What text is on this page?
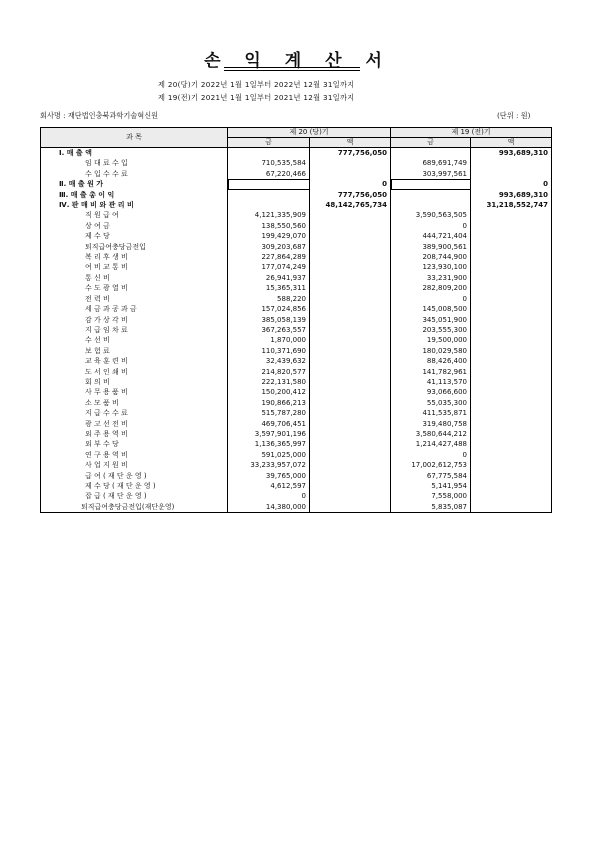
손 익 계 산 서
제 20(당)기 2022년 1월 1일부터 2022년 12월 31일까지
제 19(전)기 2021년 1월 1일부터 2021년 12월 31일까지
회사명 : 재단법인충북과학기술혁신원	(단위 : 원)
과 목	제 20 (당)기		제 19 (전)기	
	금	액	금	액
Ⅰ. 매 출 액		777,756,050		993,689,310
임 대 료 수 입	710,535,584		689,691,749	
수 입 수 수 료	67,220,466		303,997,561	
Ⅱ. 매 출 원 가		0		0
Ⅲ. 매 출 총 이 익		777,756,050		993,689,310
Ⅳ. 판 매 비 와 관 리 비		48,142,765,734		31,218,552,747
직 원 급 여	4,121,335,909		3,590,563,505	
상 여 금	138,550,560		0	
제 수 당	199,429,070		444,721,404	
퇴직급여충당금전입	309,203,687		389,900,561	
복 리 후 생 비	227,864,289		208,744,900	
여 비 교 통 비	177,074,249		123,930,100	
통 신 비	26,941,937		33,231,900	
수 도 광 열 비	15,365,311		282,809,200	
전 력 비	588,220		0	
세 금 과 공 과 금	157,024,856		145,008,500	
감 가 상 각 비	385,058,139		345,051,900	
지 급 임 차 료	367,263,557		203,555,300	
수 선 비	1,870,000		19,500,000	
보 험 료	110,371,690		180,029,580	
교 육 훈 련 비	32,439,632		88,426,400	
도 서 인 쇄 비	214,820,577		141,782,961	
회 의 비	222,131,580		41,113,570	
사 무 용 품 비	150,200,412		93,066,600	
소 모 품 비	190,866,213		55,035,300	
지 급 수 수 료	515,787,280		411,535,871	
광 고 선 전 비	469,706,451		319,480,758	
외 주 용 역 비	3,597,901,196		3,580,644,212	
외 부 수 당	1,136,365,997		1,214,427,488	
연 구 용 역 비	591,025,000		0	
사 업 지 원 비	33,233,957,072		17,002,612,753	
급 여 ( 재 단 운 영 )	39,765,000		67,775,584	
제 수 당 ( 재 단 운 영 )	4,612,597		5,141,954	
잡 급 ( 재 단 운 영 )	0		7,558,000	
퇴직급여충당금전입(재단운영)	14,380,000		5,835,087	
